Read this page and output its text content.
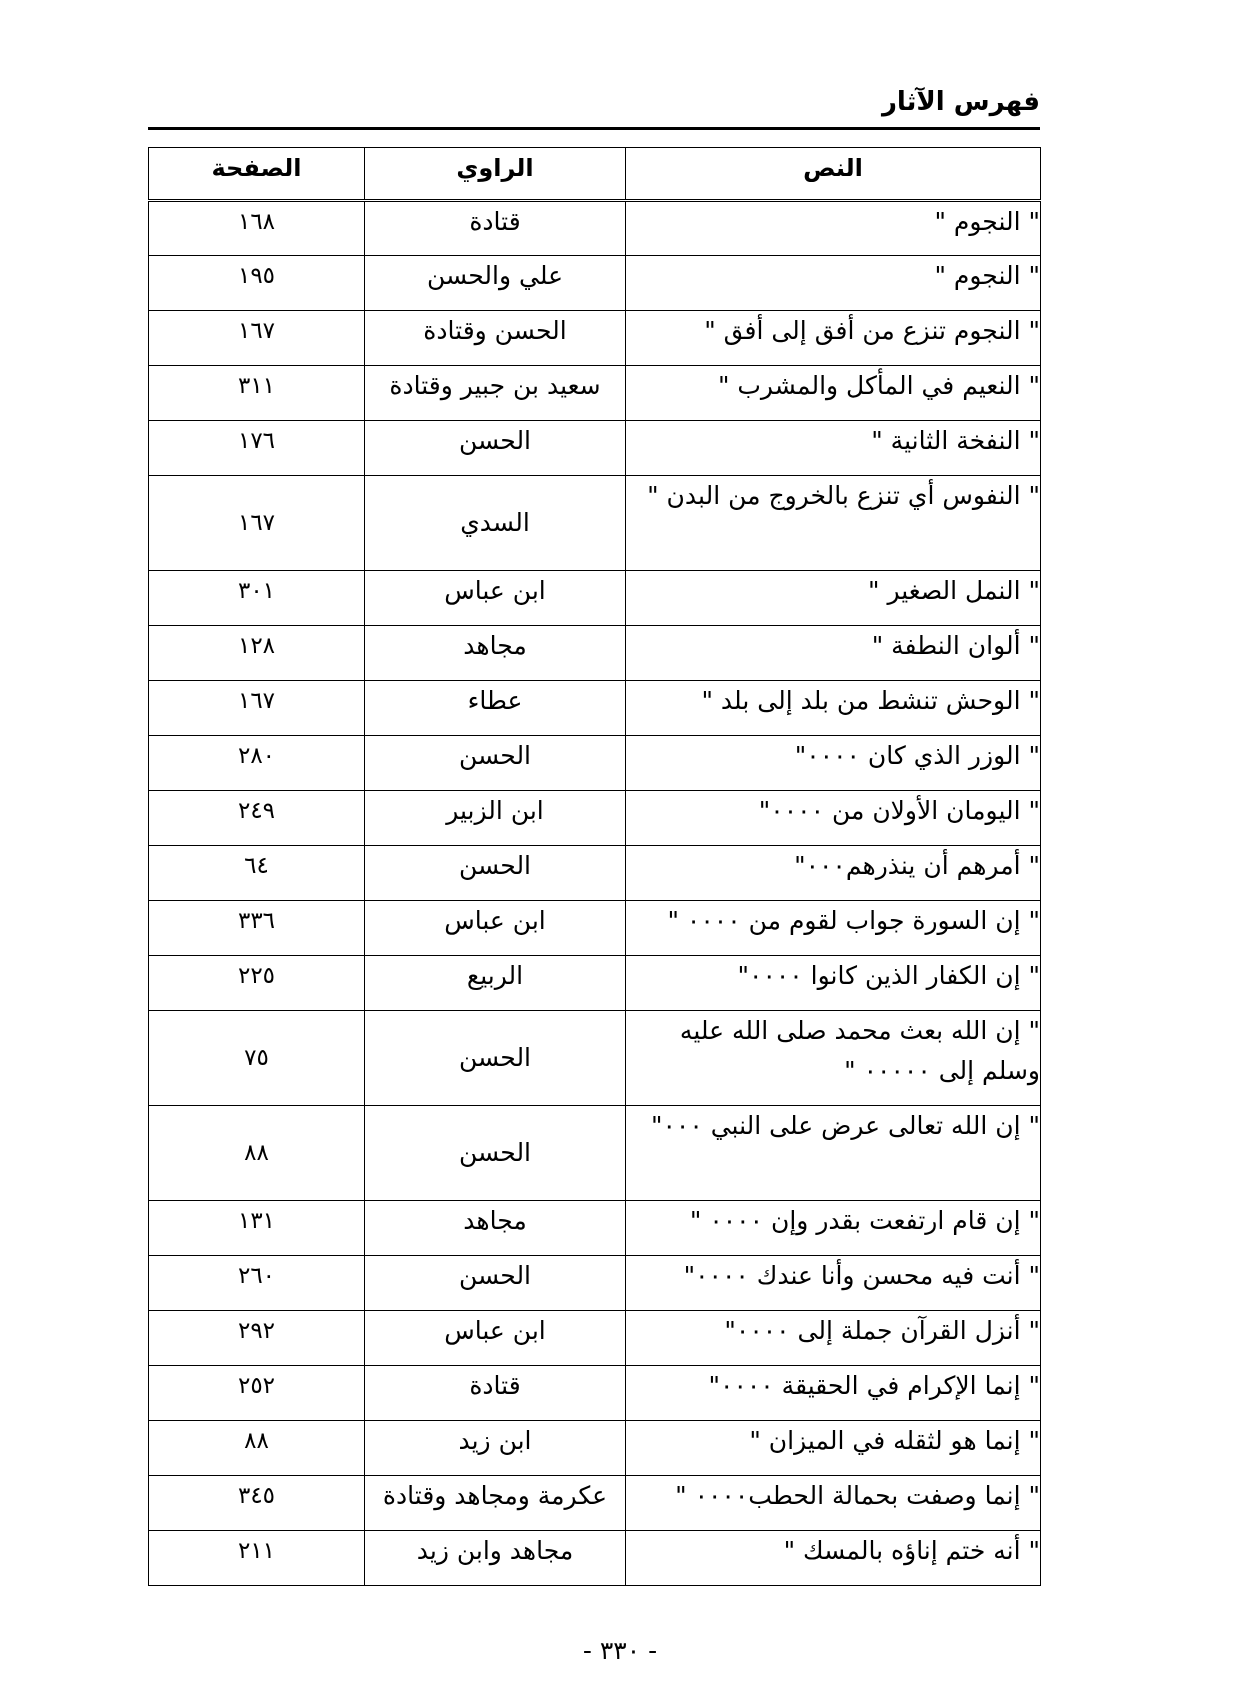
فهرس الآثار
النص	الراوي	الصفحة
" النجوم "	قتادة	١٦٨
" النجوم "	علي والحسن	١٩٥
" النجوم تنزع من أفق إلى أفق "	الحسن وقتادة	١٦٧
" النعيم في المأكل والمشرب "	سعيد بن جبير وقتادة	٣١١
" النفخة الثانية "	الحسن	١٧٦
" النفوس أي تنزع بالخروج من البدن "	السدي	١٦٧
" النمل الصغير "	ابن عباس	٣٠١
" ألوان النطفة "	مجاهد	١٢٨
" الوحش تنشط من بلد إلى بلد "	عطاء	١٦٧
" الوزر الذي كان ٠٠٠٠"	الحسن	٢٨٠
" اليومان الأولان من ٠٠٠٠"	ابن الزبير	٢٤٩
" أمرهم أن ينذرهم٠٠٠"	الحسن	٦٤
" إن السورة جواب لقوم من ٠٠٠٠ "	ابن عباس	٣٣٦
" إن الكفار الذين كانوا ٠٠٠٠"	الربيع	٢٢٥
" إن الله بعث محمد صلى الله عليه وسلم إلى ٠٠٠٠٠ "	الحسن	٧٥
" إن الله تعالى عرض على النبي ٠٠٠"	الحسن	٨٨
" إن قام ارتفعت بقدر وإن ٠٠٠٠ "	مجاهد	١٣١
" أنت فيه محسن وأنا عندك ٠٠٠٠"	الحسن	٢٦٠
" أنزل القرآن جملة إلى ٠٠٠٠"	ابن عباس	٢٩٢
" إنما الإكرام في الحقيقة ٠٠٠٠"	قتادة	٢٥٢
" إنما هو لثقله في الميزان "	ابن زيد	٨٨
" إنما وصفت بحمالة الحطب٠٠٠٠ "	عكرمة ومجاهد وقتادة	٣٤٥
" أنه ختم إناؤه بالمسك "	مجاهد وابن زيد	٢١١
- ٣٣٠ -
